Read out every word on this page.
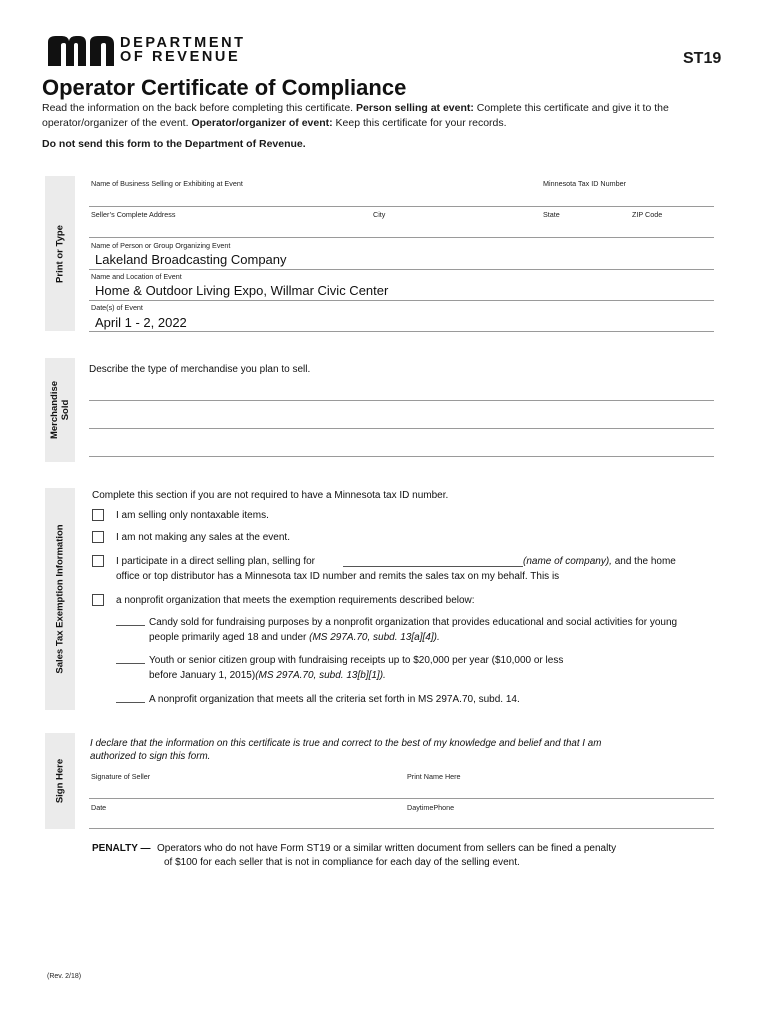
DEPARTMENT
OF REVENUE	ST19
Operator Certificate of Compliance
Read the information on the back before completing this certificate. Person selling at event: Complete this certificate and give it to the operator/organizer of the event. Operator/organizer of event: Keep this certificate for your records.
Do not send this form to the Department of Revenue.
Print or Type
Merchandise Sold
Sales Tax Exemption Information
Sign Here
Name of Business Selling or Exhibiting at Event	Minnesota Tax ID Number
Seller’s Complete Address	City	State	ZIP Code
Name of Person or Group Organizing Event
Lakeland Broadcasting Company
Name and Location of Event
Home & Outdoor Living Expo, Willmar Civic Center
Date(s) of Event
April 1 - 2, 2022
Describe the type of merchandise you plan to sell.
Complete this section if you are not required to have a Minnesota tax ID number.
I am selling only nontaxable items.
I am not making any sales at the event.
I participate in a direct selling plan, selling for	(name of company), and the home
office or top distributor has a Minnesota tax ID number and remits the sales tax on my behalf. This is
a nonprofit organization that meets the exemption requirements described below:
Candy sold for fundraising purposes by a nonprofit organization that provides educational and social activities for young
people primarily aged 18 and under (MS 297A.70, subd. 13[a][4]).
Youth or senior citizen group with fundraising receipts up to $20,000 per year ($10,000 or less
before January 1, 2015)(MS 297A.70, subd. 13[b][1]).
A nonprofit organization that meets all the criteria set forth in MS 297A.70, subd. 14.
I declare that the information on this certificate is true and correct to the best of my knowledge and belief and that I am
authorized to sign this form.
Signature of Seller	Print Name Here
Date	DaytimePhone
PENALTY — Operators who do not have Form ST19 or a similar written document from sellers can be fined a penalty
of $100 for each seller that is not in compliance for each day of the selling event.
(Rev. 2/18)
